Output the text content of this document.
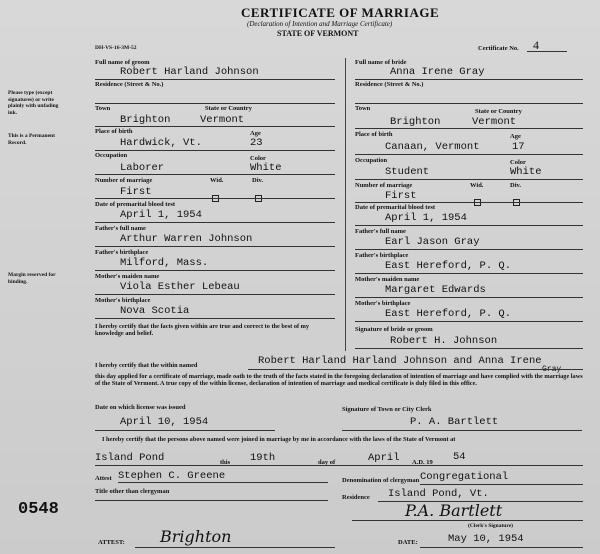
CERTIFICATE OF MARRIAGE
(Declaration of Intention and Marriage Certificate)
STATE OF VERMONT
DH-VS-16-3M-52	Certificate No. 4
Please type (except signatures) or write plainly with unfading ink.
This is a Permanent Record.
Margin reserved for binding.
Full name of groom
Robert Harland Johnson
Residence (Street & No.)
Town	State or Country
Brighton	Vermont
Place of birth	Age
Hardwick, Vt.	23
Occupation	Color
Laborer	White
Number of marriage	Wid.	Div.
First
Date of premarital blood test
April 1, 1954
Father's full name
Arthur Warren Johnson
Father's birthplace
Milford, Mass.
Mother's maiden name
Viola Esther Lebeau
Mother's birthplace
Nova Scotia
I hereby certify that the facts given within are true and correct to the best of my knowledge and belief.
Full name of bride
Anna Irene Gray
Residence (Street & No.)
Town	State or Country
Brighton	Vermont
Place of birth	Age
Canaan, Vermont	17
Occupation	Color
Student	White
Number of marriage	Wid.	Div.
First
Date of premarital blood test
April 1, 1954
Father's full name
Earl Jason Gray
Father's birthplace
East Hereford, P. Q.
Mother's maiden name
Margaret Edwards
Mother's birthplace
East Hereford, P. Q.
Signature of bride or groom
Robert H. Johnson
I hereby certify that the within named	Robert Harland Harland Johnson and Anna Irene
Gray
this day applied for a certificate of marriage, made oath to the truth of the facts stated in the foregoing declaration of intention of marriage and have complied with the marriage laws of the State of Vermont. A true copy of the within license, declaration of intention of marriage and medical certificate is duly filed in this office.
Date on which license was issued
April 10, 1954
Signature of Town or City Clerk
P. A. Bartlett
I hereby certify that the persons above named were joined in marriage by me in accordance with the laws of the State of Vermont at
Island Pond	this 19th	day of	April A.D. 19 54
Attest Stephen C. Greene
Title other than clergyman
Denomination of clergyman Congregational
Residence Island Pond, Vt.
P.A. Bartlett
(Clerk's Signature)
0548
ATTEST: Brighton	DATE:	May 10, 1954
